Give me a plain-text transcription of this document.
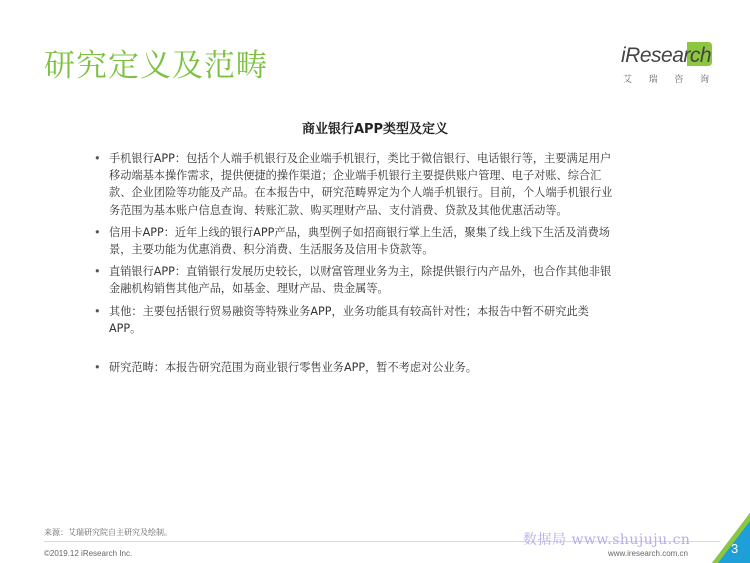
研究定义及范畴	iResearch
艾 瑞 咨 询
商业银行APP类型及定义
• 手机银行APP：包括个人端手机银行及企业端手机银行，类比于微信银行、电话银行等，主要满足用户移动端基本操作需求，提供便捷的操作渠道；企业端手机银行主要提供账户管理、电子对账、综合汇款、企业团险等功能及产品。在本报告中，研究范畴界定为个人端手机银行。目前，个人端手机银行业务范围为基本账户信息查询、转账汇款、购买理财产品、支付消费、贷款及其他优惠活动等。
• 信用卡APP：近年上线的银行APP产品，典型例子如招商银行掌上生活，聚集了线上线下生活及消费场景，主要功能为优惠消费、积分消费、生活服务及信用卡贷款等。
• 直销银行APP：直销银行发展历史较长，以财富管理业务为主，除提供银行内产品外，也合作其他非银金融机构销售其他产品，如基金、理财产品、贵金属等。
• 其他：主要包括银行贸易融资等特殊业务APP，业务功能具有较高针对性；本报告中暂不研究此类APP。
• 研究范畴：本报告研究范围为商业银行零售业务APP，暂不考虑对公业务。
来源：艾瑞研究院自主研究及绘制。
©2019.12 iResearch Inc.	www.iresearch.com.cn
数据局 www.shujuju.cn
3
